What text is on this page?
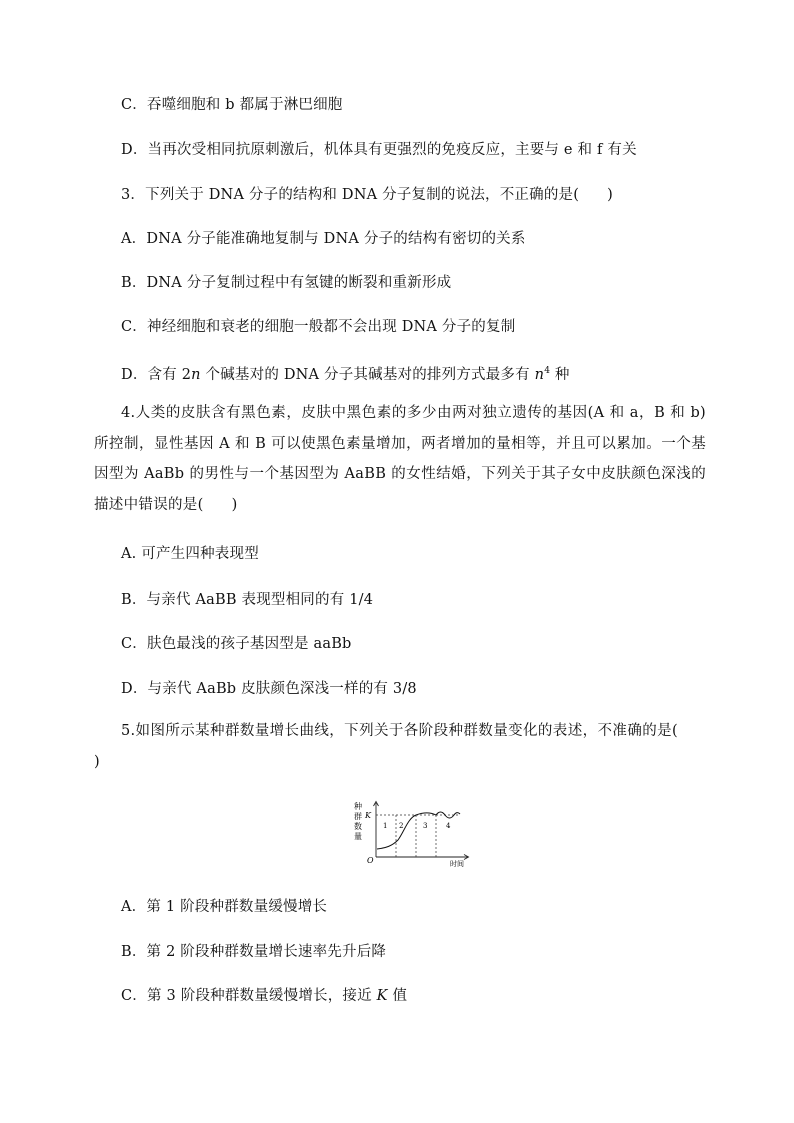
C．吞噬细胞和 b 都属于淋巴细胞
D．当再次受相同抗原刺激后，机体具有更强烈的免疫反应，主要与 e 和 f 有关
3．下列关于 DNA 分子的结构和 DNA 分子复制的说法，不正确的是( )
A．DNA 分子能准确地复制与 DNA 分子的结构有密切的关系
B．DNA 分子复制过程中有氢键的断裂和重新形成
C．神经细胞和衰老的细胞一般都不会出现 DNA 分子的复制
D．含有 2n 个碱基对的 DNA 分子其碱基对的排列方式最多有 $n^4$ 种
4.人类的皮肤含有黑色素，皮肤中黑色素的多少由两对独立遗传的基因(A 和 a，B 和 b)所控制，显性基因 A 和 B 可以使黑色素量增加，两者增加的量相等，并且可以累加。一个基因型为 AaBb 的男性与一个基因型为 AaBB 的女性结婚，下列关于其子女中皮肤颜色深浅的描述中错误的是( )
A. 可产生四种表现型
B．与亲代 AaBB 表现型相同的有 1/4
C．肤色最浅的孩子基因型是 aaBb
D．与亲代 AaBb 皮肤颜色深浅一样的有 3/8
5.如图所示某种群数量增长曲线，下列关于各阶段种群数量变化的表述，不准确的是()
种
群
数
量
K
1 2	3	4
O	时间
A．第 1 阶段种群数量缓慢增长
B．第 2 阶段种群数量增长速率先升后降
C．第 3 阶段种群数量缓慢增长，接近 K 值
